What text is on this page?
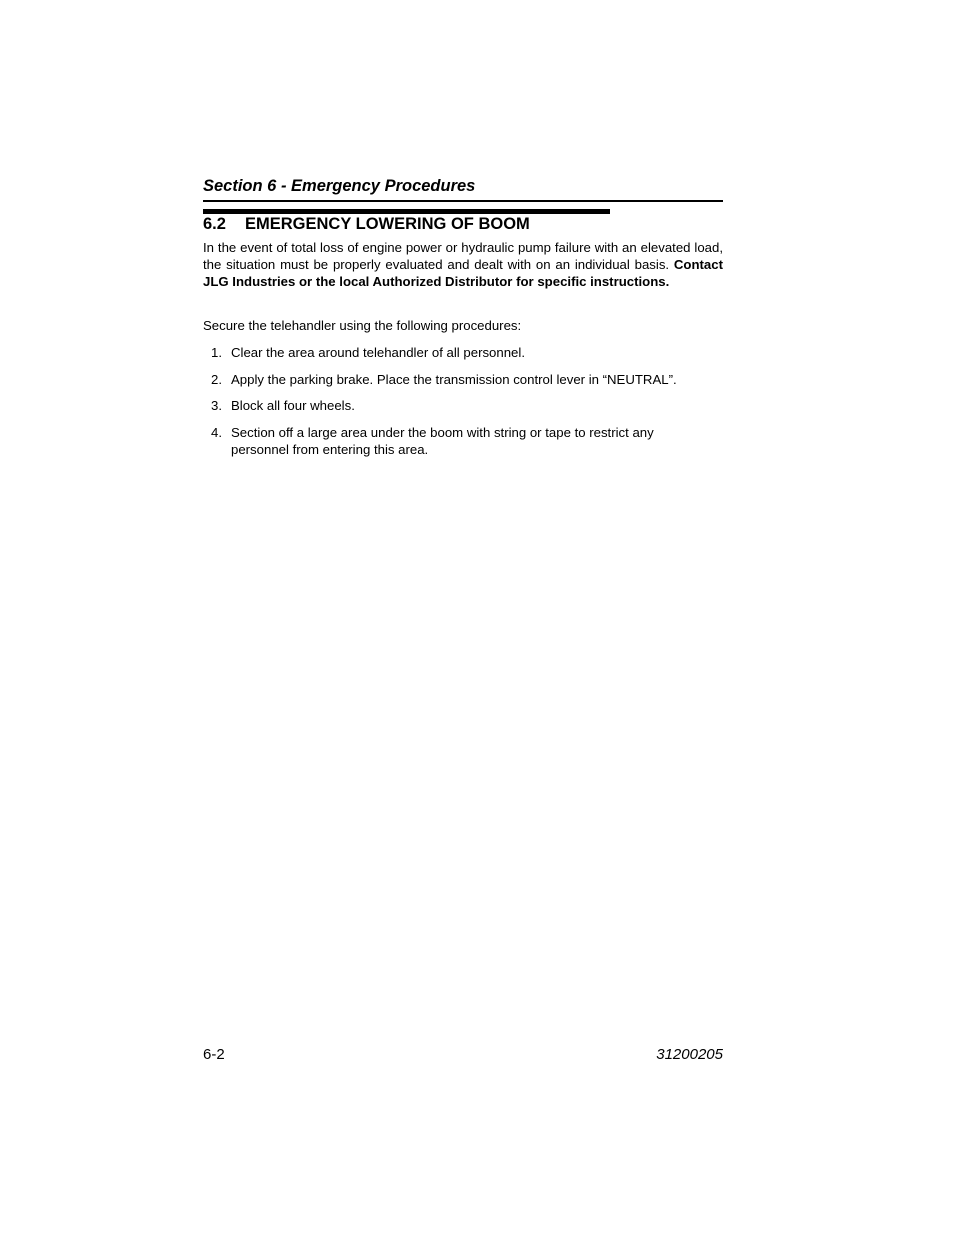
Section 6 - Emergency Procedures
6.2 EMERGENCY LOWERING OF BOOM

In the event of total loss of engine power or hydraulic pump failure with an elevated load, the situation must be properly evaluated and dealt with on an individual basis. Contact JLG Industries or the local Authorized Distributor for specific instructions.

Secure the telehandler using the following procedures:

1. Clear the area around telehandler of all personnel.
2. Apply the parking brake. Place the transmission control lever in “NEUTRAL”.
3. Block all four wheels.
4. Section off a large area under the boom with string or tape to restrict any personnel from entering this area.
6-2	31200205
